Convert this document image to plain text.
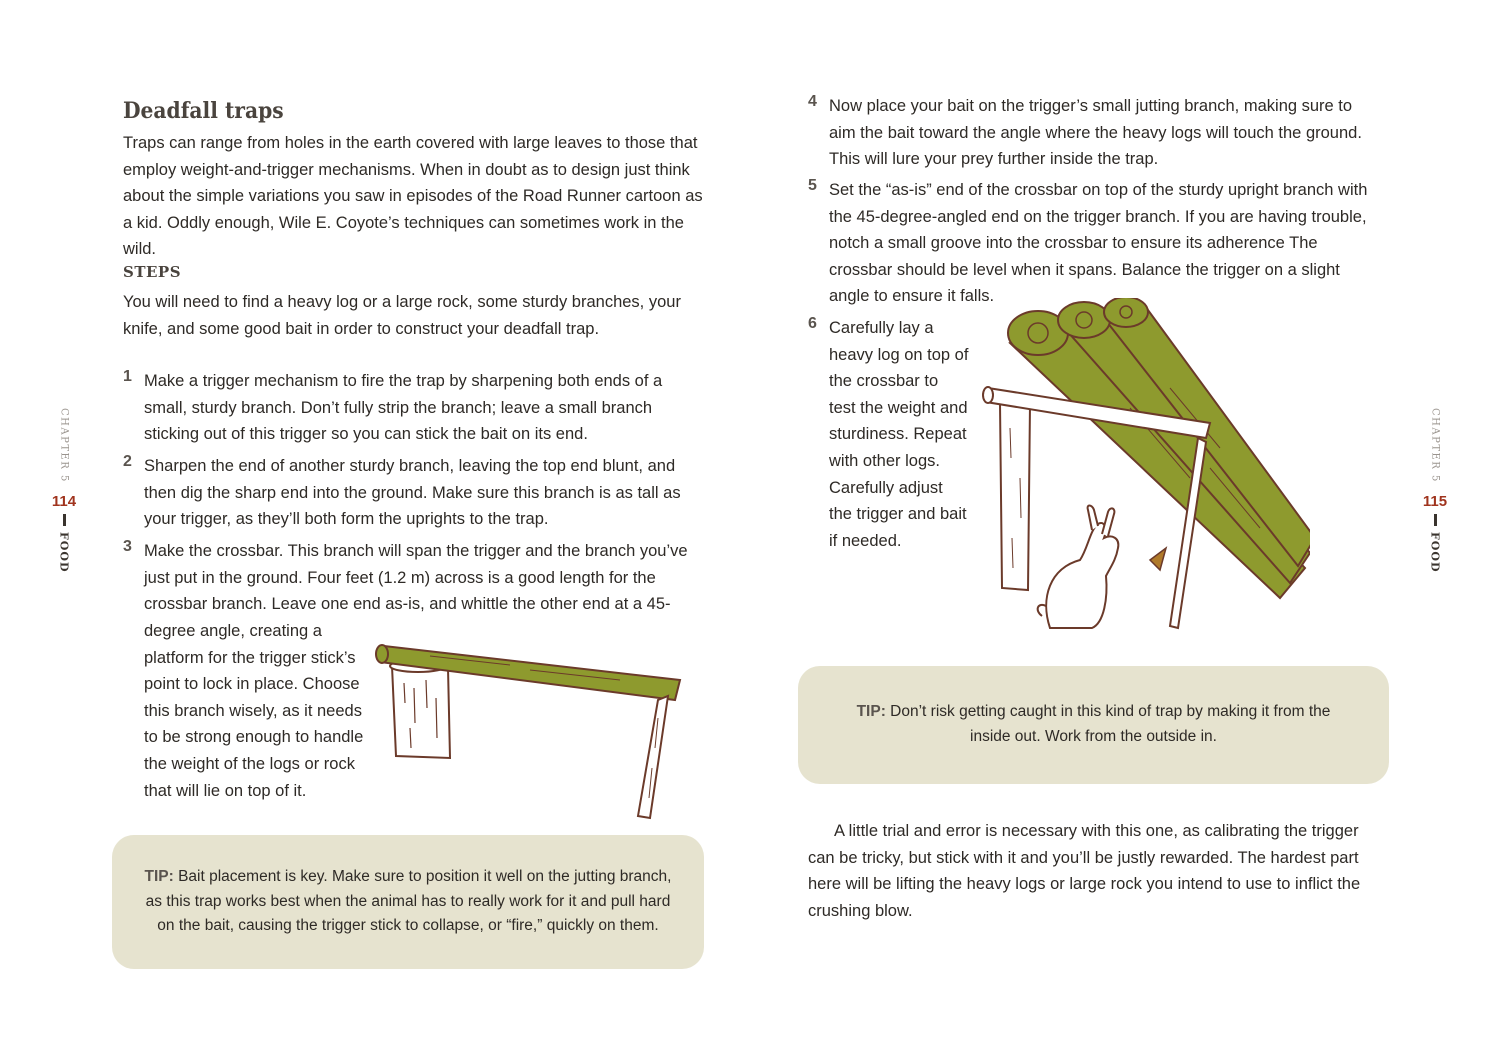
CHAPTER 5
114
FOOD
Deadfall traps

Traps can range from holes in the earth covered with large leaves to those that employ weight-and-trigger mechanisms. When in doubt as to design just think about the simple variations you saw in episodes of the Road Runner cartoon as a kid. Oddly enough, Wile E. Coyote’s techniques can sometimes work in the wild.

STEPS

You will need to find a heavy log or a large rock, some sturdy branches, your knife, and some good bait in order to construct your deadfall trap.

1 Make a trigger mechanism to fire the trap by sharpening both ends of a small, sturdy branch. Don’t fully strip the branch; leave a small branch sticking out of this trigger so you can stick the bait on its end.

2 Sharpen the end of another sturdy branch, leaving the top end blunt, and then dig the sharp end into the ground. Make sure this branch is as tall as your trigger, as they’ll both form the uprights to the trap.

3 Make the crossbar. This branch will span the trigger and the branch you’ve just put in the ground. Four feet (1.2 m) across is a good length for the crossbar branch. Leave one end as-is, and whittle the other end at a 45-

degree angle, creating a platform for the trigger stick’s point to lock in place. Choose this branch wisely, as it needs to be strong enough to handle the weight of the logs or rock that will lie on top of it.

TIP: Bait placement is key. Make sure to position it well on the jutting branch, as this trap works best when the animal has to really work for it and pull hard on the bait, causing the trigger stick to collapse, or “fire,” quickly on them.

4 Now place your bait on the trigger’s small jutting branch, making sure to aim the bait toward the angle where the heavy logs will touch the ground. This will lure your prey further inside the trap.

5 Set the “as-is” end of the crossbar on top of the sturdy upright branch with the 45-degree-angled end on the trigger branch. If you are having trouble, notch a small groove into the crossbar to ensure its adherence The crossbar should be level when it spans. Balance the trigger on a slight angle to ensure it falls.

6 Carefully lay a heavy log on top of the crossbar to test the weight and sturdiness. Repeat with other logs. Carefully adjust the trigger and bait if needed.

TIP: Don’t risk getting caught in this kind of trap by making it from the inside out. Work from the outside in.

A little trial and error is necessary with this one, as calibrating the trigger can be tricky, but stick with it and you’ll be justly rewarded. The hardest part here will be lifting the heavy logs or large rock you intend to use to inflict the crushing blow.

CHAPTER 5
115
FOOD
